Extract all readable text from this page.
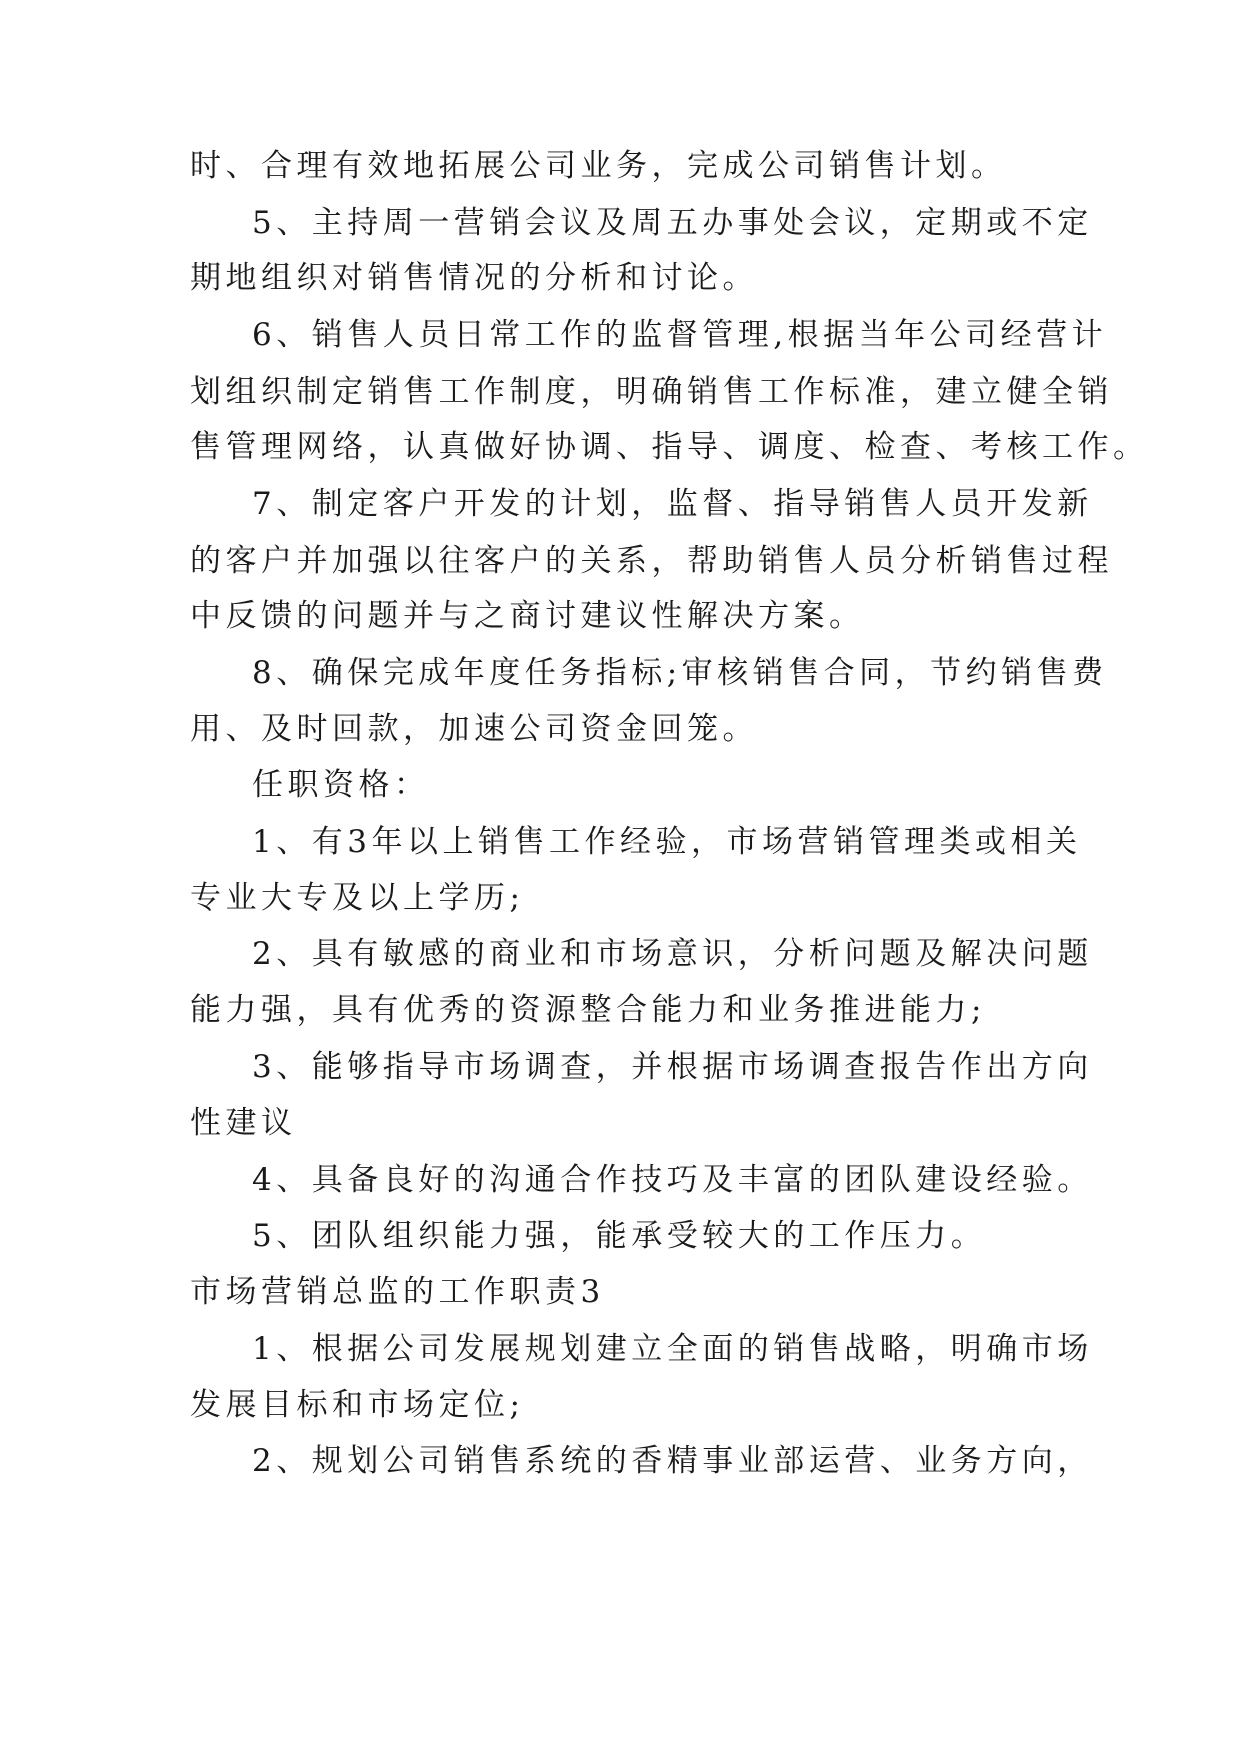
时、合理有效地拓展公司业务，完成公司销售计划。
5、主持周一营销会议及周五办事处会议，定期或不定
期地组织对销售情况的分析和讨论。
6、销售人员日常工作的监督管理,根据当年公司经营计
划组织制定销售工作制度，明确销售工作标准，建立健全销
售管理网络，认真做好协调、指导、调度、检查、考核工作。
7、制定客户开发的计划，监督、指导销售人员开发新
的客户并加强以往客户的关系，帮助销售人员分析销售过程
中反馈的问题并与之商讨建议性解决方案。
8、确保完成年度任务指标;审核销售合同，节约销售费
用、及时回款，加速公司资金回笼。
任职资格：
1、有3年以上销售工作经验，市场营销管理类或相关
专业大专及以上学历;
2、具有敏感的商业和市场意识，分析问题及解决问题
能力强，具有优秀的资源整合能力和业务推进能力;
3、能够指导市场调查，并根据市场调查报告作出方向
性建议
4、具备良好的沟通合作技巧及丰富的团队建设经验。
5、团队组织能力强，能承受较大的工作压力。
市场营销总监的工作职责3
1、根据公司发展规划建立全面的销售战略，明确市场
发展目标和市场定位;
2、规划公司销售系统的香精事业部运营、业务方向，
